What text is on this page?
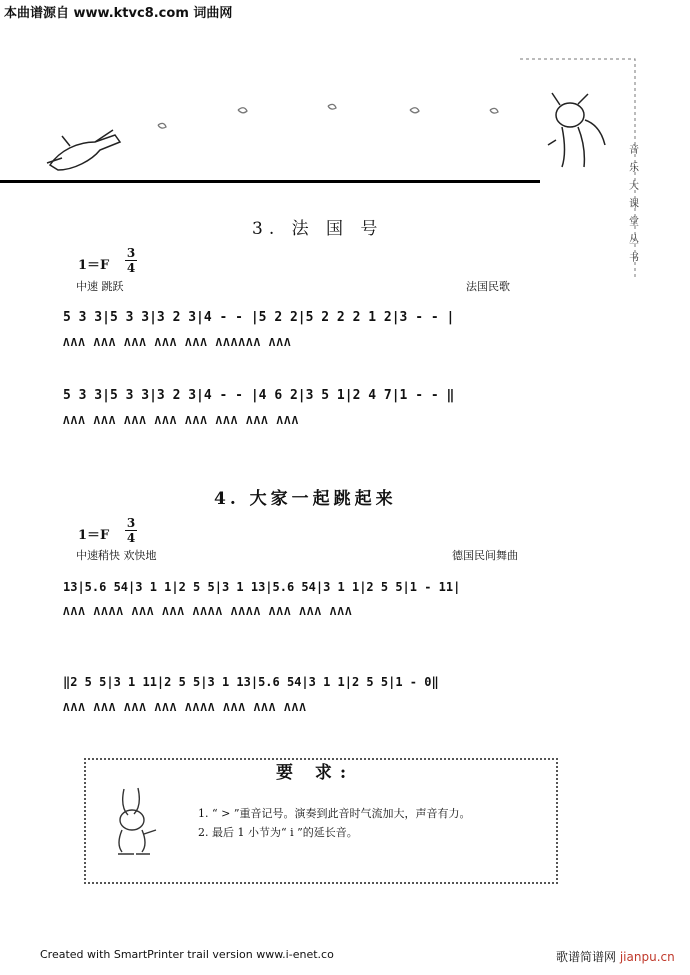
本曲谱源自 www.ktvc8.com 词曲网
音乐大课堂丛书
3. 法 国 号
1＝F
3
4
中速 跳跃	法国民歌
5 3 3|5 3 3|3 2 3|4 - - |5 2 2|5 2 2 2 1 2|3 - - |
ΛΛΛ ΛΛΛ ΛΛΛ ΛΛΛ ΛΛΛ ΛΛΛΛΛΛ ΛΛΛ
5 3 3|5 3 3|3 2 3|4 - - |4 6 2|3 5 1|2 4 7|1 - - ‖
ΛΛΛ ΛΛΛ ΛΛΛ ΛΛΛ ΛΛΛ ΛΛΛ ΛΛΛ ΛΛΛ
4. 大家一起跳起来
1＝F
3
4
中速稍快 欢快地	德国民间舞曲
13|5.6 54|3 1 1|2 5 5|3 1 13|5.6 54|3 1 1|2 5 5|1 - 11|
ΛΛΛ ΛΛΛΛ ΛΛΛ ΛΛΛ ΛΛΛΛ ΛΛΛΛ ΛΛΛ ΛΛΛ ΛΛΛ
‖2 5 5|3 1 11|2 5 5|3 1 13|5.6 54|3 1 1|2 5 5|1 - 0‖
ΛΛΛ ΛΛΛ ΛΛΛ ΛΛΛ ΛΛΛΛ ΛΛΛ ΛΛΛ ΛΛΛ
要 求:
1. “ > ”重音记号。演奏到此音时气流加大，声音有力。
2. 最后 1 小节为“ i ”的延长音。
Created with SmartPrinter trail version www.i-enet.co	歌谱简谱网 jianpu.cn
